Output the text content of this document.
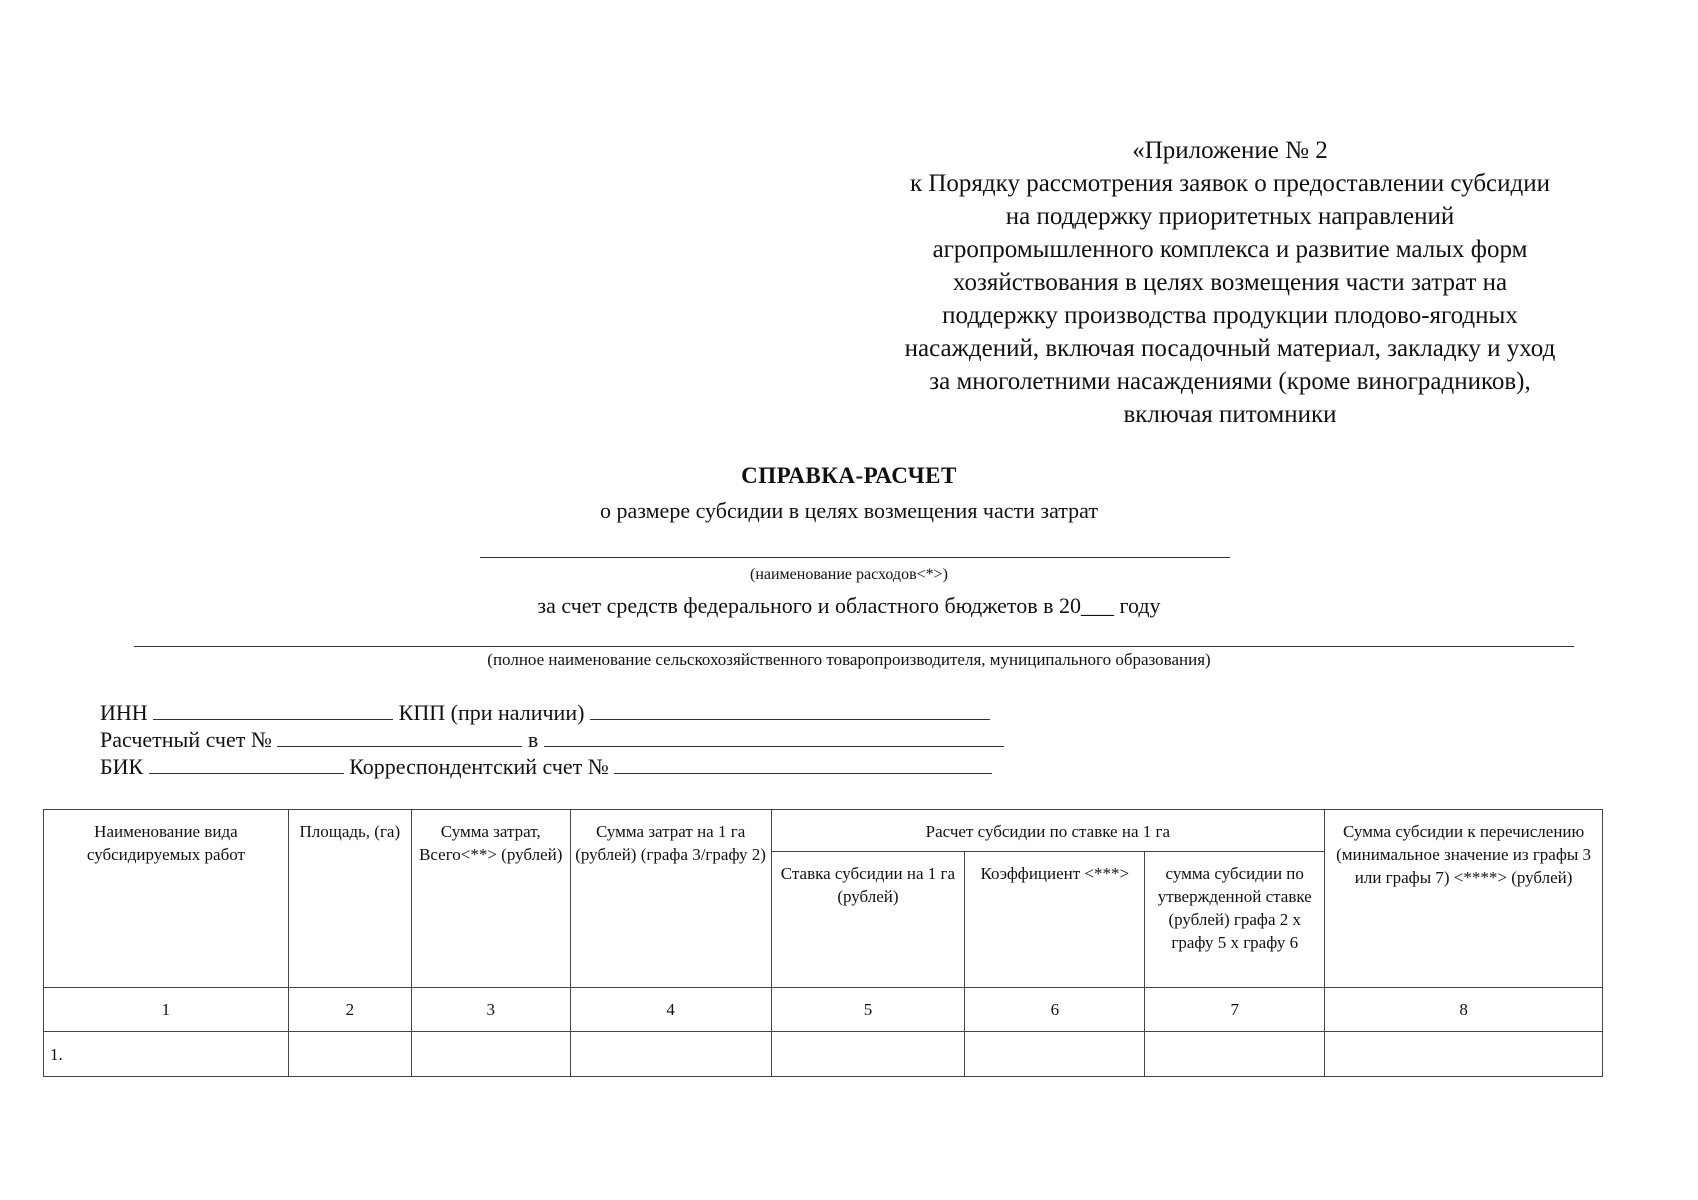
«Приложение № 2
к Порядку рассмотрения заявок о предоставлении субсидии
на поддержку приоритетных направлений
агропромышленного комплекса и развитие малых форм
хозяйствования в целях возмещения части затрат на
поддержку производства продукции плодово-ягодных
насаждений, включая посадочный материал, закладку и уход
за многолетними насаждениями (кроме виноградников),
включая питомники
СПРАВКА-РАСЧЕТ
о размере субсидии в целях возмещения части затрат
(наименование расходов<*>)
за счет средств федерального и областного бюджетов в 20___ году
(полное наименование сельскохозяйственного товаропроизводителя, муниципального образования)
ИНН	КПП (при наличии)
Расчетный счет №	в
БИК	Корреспондентский счет №
Наименование вида субсидируемых работ	Площадь, (га)	Сумма затрат, Всего<**> (рублей)	Сумма затрат на 1 га (рублей) (графа 3/графу 2)	Расчет субсидии по ставке на 1 га			Сумма субсидии к перечислению (минимальное значение из графы 3 или графы 7) <****> (рублей)
				Ставка субсидии на 1 га (рублей)	Коэффициент <***>	сумма субсидии по утвержденной ставке (рублей) графа 2 х графу 5 х графу 6	
1	2	3	4	5	6	7	8
1.							
